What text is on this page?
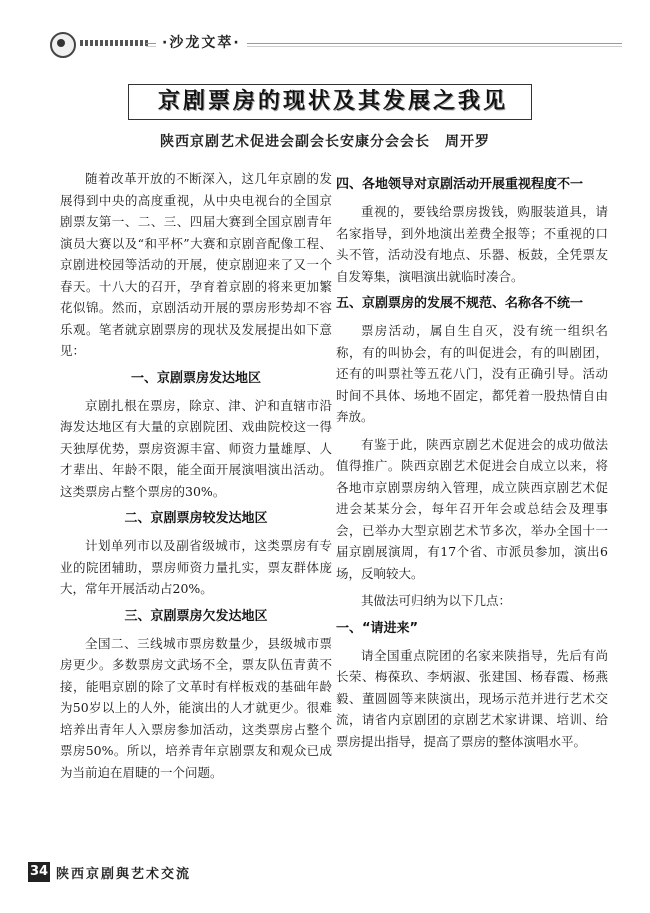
·沙龙文萃·
京剧票房的现状及其发展之我见
陕西京剧艺术促进会副会长安康分会会长　周开罗

随着改革开放的不断深入，这几年京剧的发展得到中央的高度重视，从中央电视台的全国京剧票友第一、二、三、四届大赛到全国京剧青年演员大赛以及“和平杯”大赛和京剧音配像工程、京剧进校园等活动的开展，使京剧迎来了又一个春天。十八大的召开，孕育着京剧的将来更加繁花似锦。然而，京剧活动开展的票房形势却不容乐观。笔者就京剧票房的现状及发展提出如下意见：

一、京剧票房发达地区

京剧扎根在票房，除京、津、沪和直辖市沿海发达地区有大量的京剧院团、戏曲院校这一得天独厚优势，票房资源丰富、师资力量雄厚、人才辈出、年龄不限，能全面开展演唱演出活动。这类票房占整个票房的30%。

二、京剧票房较发达地区

计划单列市以及副省级城市，这类票房有专业的院团辅助，票房师资力量扎实，票友群体庞大，常年开展活动占20%。

三、京剧票房欠发达地区

全国二、三线城市票房数量少，县级城市票房更少。多数票房文武场不全，票友队伍青黄不接，能唱京剧的除了文革时有样板戏的基础年龄为50岁以上的人外，能演出的人才就更少。很难培养出青年人入票房参加活动，这类票房占整个票房50%。所以，培养青年京剧票友和观众已成为当前迫在眉睫的一个问题。

四、各地领导对京剧活动开展重视程度不一

重视的，要钱给票房拨钱，购服装道具，请名家指导，到外地演出差费全报等；不重视的口头不管，活动没有地点、乐器、板鼓，全凭票友自发筹集，演唱演出就临时凑合。

五、京剧票房的发展不规范、名称各不统一

票房活动，属自生自灭，没有统一组织名称，有的叫协会，有的叫促进会，有的叫剧团，还有的叫票社等五花八门，没有正确引导。活动时间不具体、场地不固定，都凭着一股热情自由奔放。

有鉴于此，陕西京剧艺术促进会的成功做法值得推广。陕西京剧艺术促进会自成立以来，将各地市京剧票房纳入管理，成立陕西京剧艺术促进会某某分会，每年召开年会或总结会及理事会，已举办大型京剧艺术节多次，举办全国十一届京剧展演周，有17个省、市派员参加，演出6场，反响较大。

其做法可归纳为以下几点：

一、“请进来”

请全国重点院团的名家来陕指导，先后有尚长荣、梅葆玖、李炳淑、张建国、杨春霞、杨燕毅、董圆圆等来陕演出，现场示范并进行艺术交流，请省内京剧团的京剧艺术家讲课、培训、给票房提出指导，提高了票房的整体演唱水平。

34 陕西京剧與艺术交流
